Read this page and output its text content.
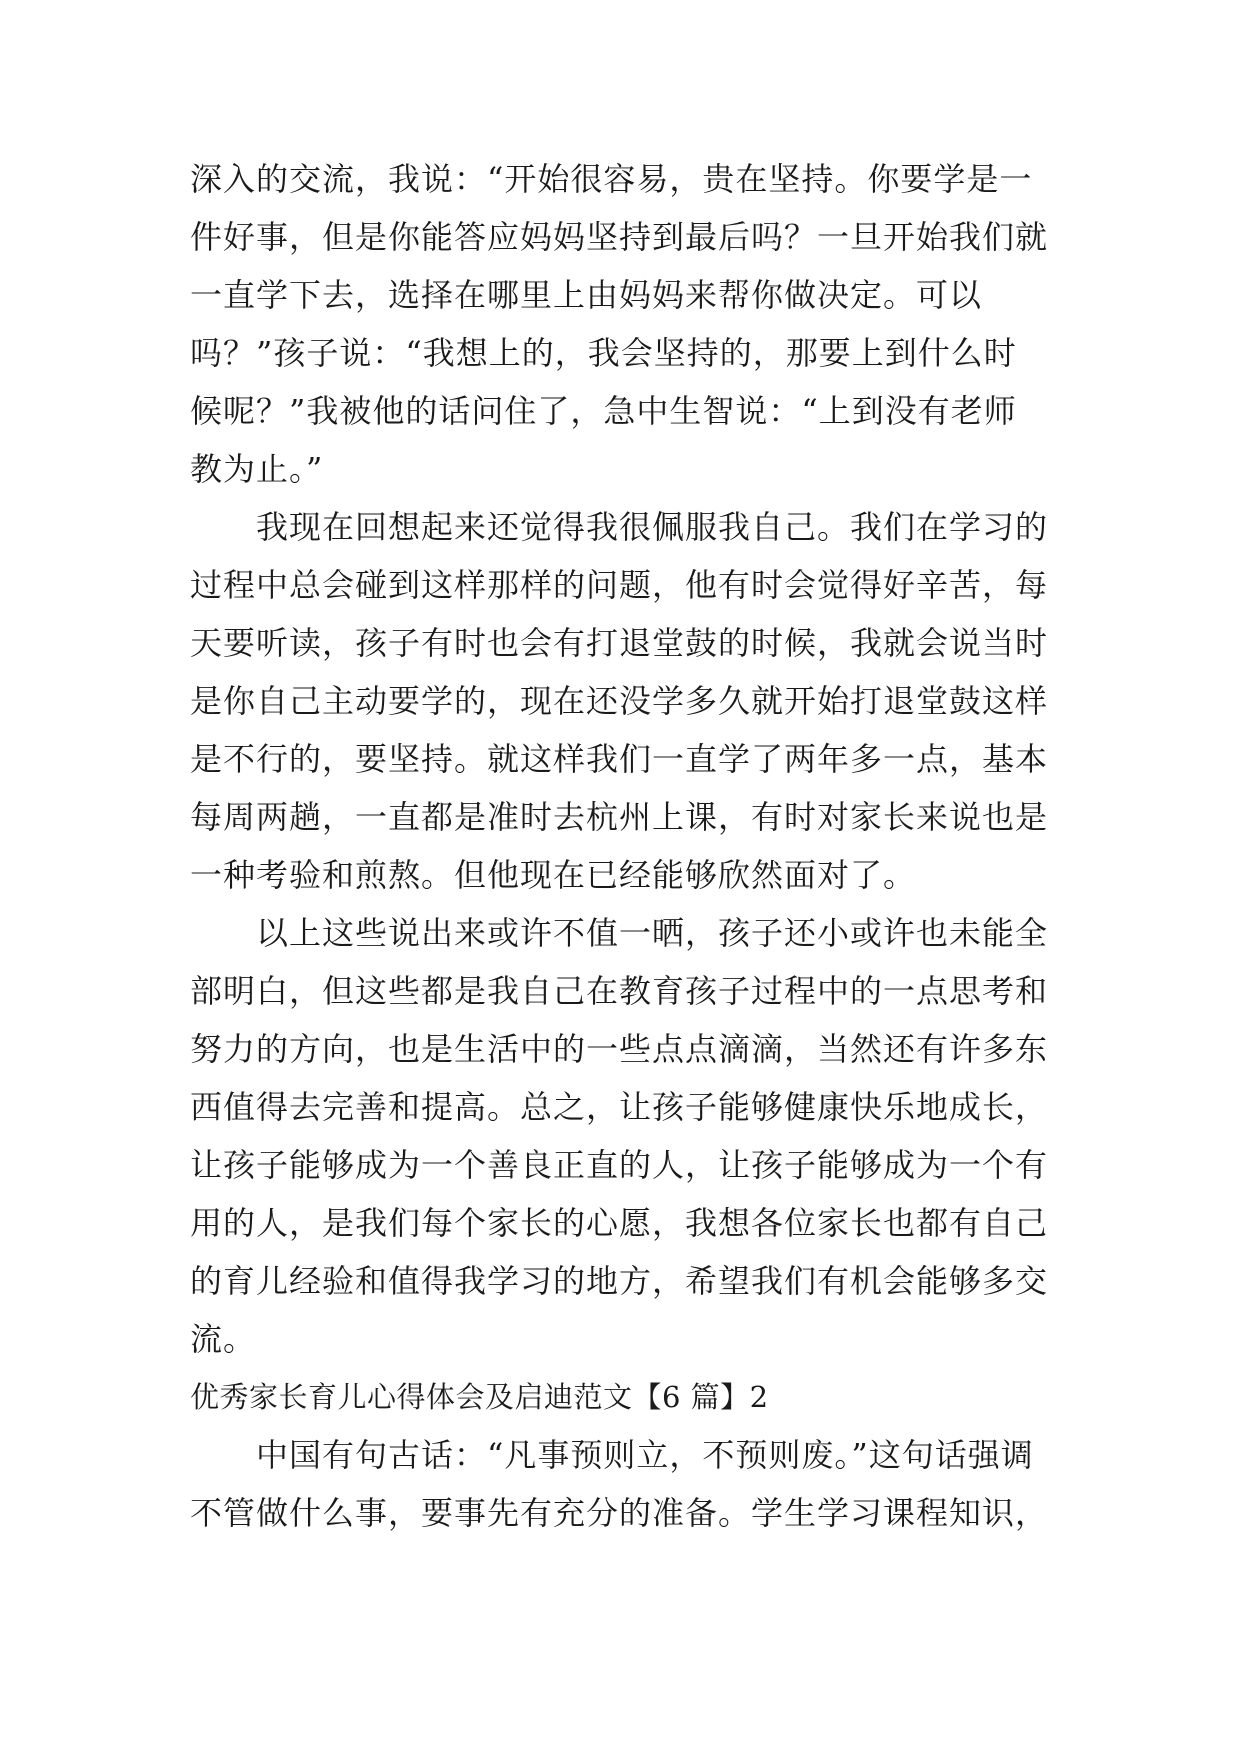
深入的交流，我说：“开始很容易，贵在坚持。你要学是一
件好事，但是你能答应妈妈坚持到最后吗？一旦开始我们就
一直学下去，选择在哪里上由妈妈来帮你做决定。可以
吗？”孩子说：“我想上的，我会坚持的，那要上到什么时
候呢？”我被他的话问住了，急中生智说：“上到没有老师
教为止。”
　　我现在回想起来还觉得我很佩服我自己。我们在学习的
过程中总会碰到这样那样的问题，他有时会觉得好辛苦，每
天要听读，孩子有时也会有打退堂鼓的时候，我就会说当时
是你自己主动要学的，现在还没学多久就开始打退堂鼓这样
是不行的，要坚持。就这样我们一直学了两年多一点，基本
每周两趟，一直都是准时去杭州上课，有时对家长来说也是
一种考验和煎熬。但他现在已经能够欣然面对了。
　　以上这些说出来或许不值一晒，孩子还小或许也未能全
部明白，但这些都是我自己在教育孩子过程中的一点思考和
努力的方向，也是生活中的一些点点滴滴，当然还有许多东
西值得去完善和提高。总之，让孩子能够健康快乐地成长，
让孩子能够成为一个善良正直的人，让孩子能够成为一个有
用的人，是我们每个家长的心愿，我想各位家长也都有自己
的育儿经验和值得我学习的地方，希望我们有机会能够多交
流。
优秀家长育儿心得体会及启迪范文【6 篇】2
　　中国有句古话：“凡事预则立，不预则废。”这句话强调
不管做什么事，要事先有充分的准备。学生学习课程知识，
